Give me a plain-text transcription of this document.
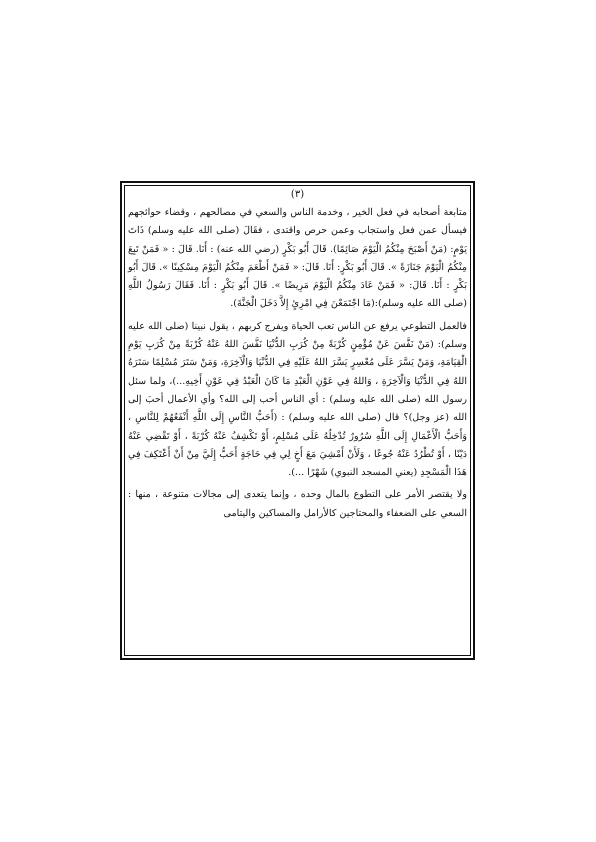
(٣)

متابعة أصحابه في فعل الخير ، وخدمة الناس والسعي في مصالحهم ، وقضاء حوائجهم فيسأل عمن فعل واستجاب وعمن حرص واقتدى ، فقَالَ (صلى الله عليه وسلم) ذَاتَ يَوْمٍ: (مَنْ أَصْبَحَ مِنْكُمُ الْيَوْمَ صَائِمًا). قَالَ أَبُو بَكْرٍ (رضي الله عنه) : أَنَا. قَالَ : « فَمَنْ تَبِعَ مِنْكُمُ الْيَوْمَ جَنَازَةً ». قَالَ أَبُو بَكْرٍ: أَنَا. قَالَ: « فَمَنْ أَطْعَمَ مِنْكُمُ الْيَوْمَ مِسْكِينًا ». قَالَ أَبُو بَكْرٍ : أَنَا. قَالَ: « فَمَنْ عَادَ مِنْكُمُ الْيَوْمَ مَرِيضًا ». قَالَ أَبُو بَكْرٍ : أَنَا. فَقَالَ رَسُولُ اللَّهِ (صلى الله عليه وسلم):(مَا اجْتَمَعْنَ فِي امْرِئٍ إِلاَّ دَخَلَ الْجَنَّةَ).

فالعمل التطوعي يرفع عن الناس تعب الحياة ويفرج كربهم ، يقول نبينا (صلى الله عليه وسلم): (مَنْ نَفَّسَ عَنْ مُؤْمِنٍ كُرْبَةً مِنْ كُرَبِ الدُّنْيَا نَفَّسَ اللهُ عَنْهُ كُرْبَةً مِنْ كُرَبِ يَوْمِ الْقِيَامَةِ، وَمَنْ يَسَّرَ عَلَى مُعْسِرٍ يَسَّرَ اللهُ عَلَيْهِ فِي الدُّنْيَا وَالْآخِرَةِ، وَمَنْ سَتَرَ مُسْلِمًا سَتَرَهُ اللهُ فِي الدُّنْيَا وَالْآخِرَةِ ، وَاللهُ فِي عَوْنِ الْعَبْدِ مَا كَانَ الْعَبْدُ فِي عَوْنِ أَخِيهِ...)، ولما سئل رسول الله (صلى الله عليه وسلم) : أي الناس أحب إلى الله؟ وأي الأعمال أحبَ إلى الله (عز وجل)؟ قال (صلى الله عليه وسلم) : (أَحَبُّ النَّاسِ إِلَى اللَّهِ أَنْفَعُهُمْ لِلنَّاسِ ، وَأَحَبُّ الْأَعْمَالِ إِلَى اللَّهِ سُرُورٌ تُدْخِلُهُ عَلَى مُسْلِمٍ، أَوْ تَكْشِفُ عَنْهُ كُرْبَةً ، أَوْ تَقْضِي عَنْهُ دَيْنًا ، أَوْ تُطْرُدُ عَنْهُ جُوعًا ، وَلَأَنْ أَمْشِيَ مَعَ أَخٍ لِي فِي حَاجَةٍ أَحَبُّ إِلَيَّ مِنْ أَنْ أَعْتَكِفَ فِي هَذَا الْمَسْجِدِ (يعني المسجد النبوي) شَهْرًا ...).

ولا يقتصر الأمر على التطوع بالمال وحده ، وإنما يتعدى إلى مجالات متنوعة ، منها : السعي على الضعفاء والمحتاجين كالأرامل والمساكين واليتامى
